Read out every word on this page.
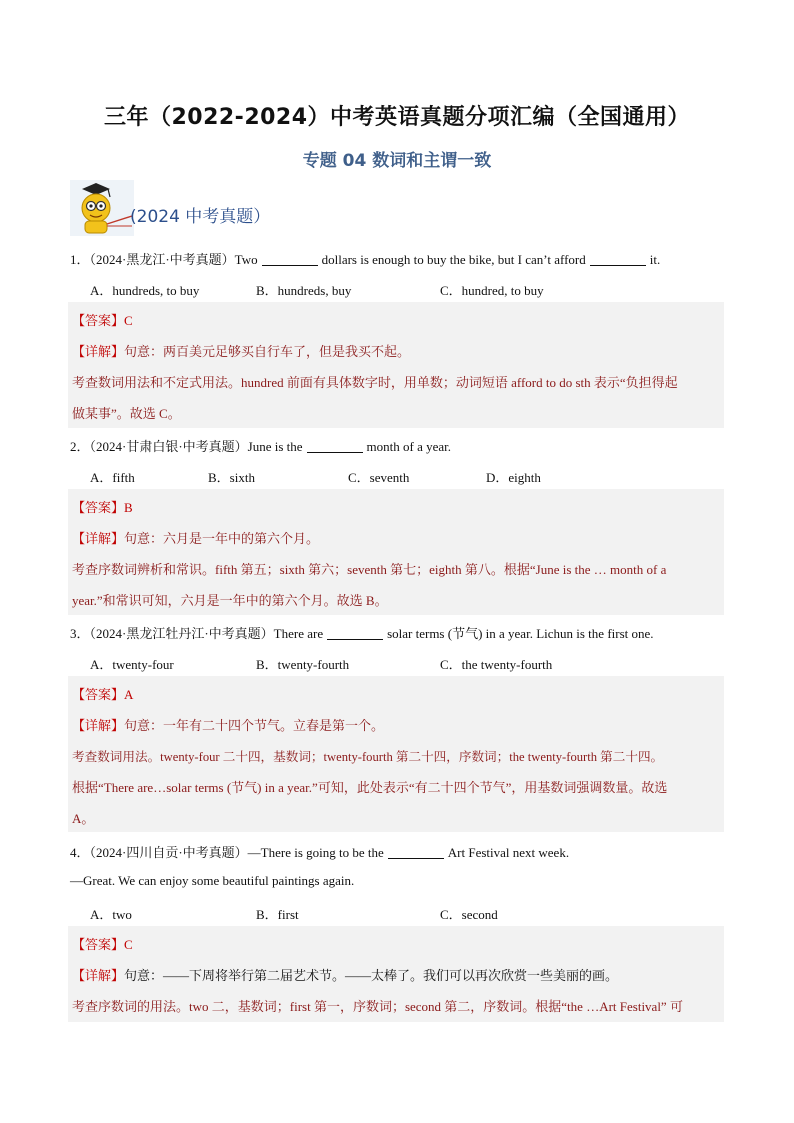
三年（2022-2024）中考英语真题分项汇编（全国通用）
专题 04 数词和主谓一致
(2024 中考真题）
1．（2024·黑龙江·中考真题）Two	dollars is enough to buy the bike, but I can’t afford	it.
A．hundreds, to buy	B．hundreds, buy	C．hundred, to buy
【答案】C
【详解】句意：两百美元足够买自行车了，但是我买不起。
考查数词用法和不定式用法。hundred 前面有具体数字时，用单数；动词短语 afford to do sth 表示“负担得起
做某事”。故选 C。
2．（2024·甘肃白银·中考真题）June is the	month of a year.
A．fifth	B．sixth	C．seventh	D．eighth
【答案】B
【详解】句意：六月是一年中的第六个月。
考查序数词辨析和常识。fifth 第五；sixth 第六；seventh 第七；eighth 第八。根据“June is the … month of a
year.”和常识可知，六月是一年中的第六个月。故选 B。
3．（2024·黑龙江牡丹江·中考真题）There are	solar terms (节气) in a year. Lichun is the first one.
A．twenty-four	B．twenty-fourth	C．the twenty-fourth
【答案】A
【详解】句意：一年有二十四个节气。立春是第一个。
考查数词用法。twenty-four 二十四，基数词；twenty-fourth 第二十四，序数词；the twenty-fourth 第二十四。
根据“There are…solar terms (节气) in a year.”可知，此处表示“有二十四个节气”，用基数词强调数量。故选
A。
4．（2024·四川自贡·中考真题）—There is going to be the	Art Festival next week.
—Great. We can enjoy some beautiful paintings again.
A．two	B．first	C．second
【答案】C
【详解】句意：——下周将举行第二届艺术节。——太棒了。我们可以再次欣赏一些美丽的画。
考查序数词的用法。two 二，基数词；first 第一，序数词；second 第二，序数词。根据“the …Art Festival” 可
